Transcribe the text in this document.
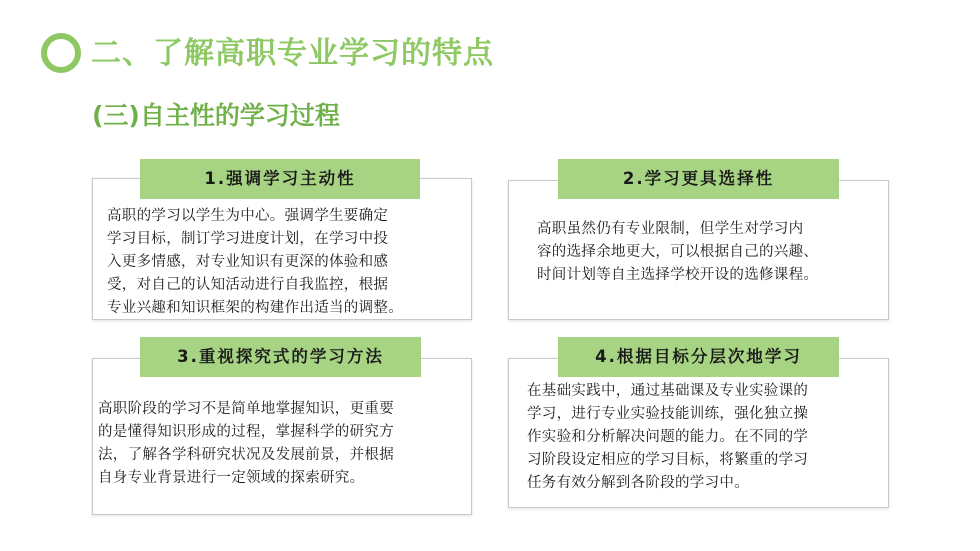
二、了解高职专业学习的特点
(三)自主性的学习过程
高职的学习以学生为中心。强调学生要确定
学习目标，制订学习进度计划，在学习中投
入更多情感，对专业知识有更深的体验和感
受，对自己的认知活动进行自我监控，根据
专业兴趣和知识框架的构建作出适当的调整。
1.强调学习主动性
高职虽然仍有专业限制，但学生对学习内
容的选择余地更大，可以根据自己的兴趣、
时间计划等自主选择学校开设的选修课程。
2.学习更具选择性
高职阶段的学习不是简单地掌握知识，更重要
的是懂得知识形成的过程，掌握科学的研究方
法，了解各学科研究状况及发展前景，并根据
自身专业背景进行一定领域的探索研究。
3.重视探究式的学习方法
在基础实践中，通过基础课及专业实验课的
学习，进行专业实验技能训练，强化独立操
作实验和分析解决问题的能力。在不同的学
习阶段设定相应的学习目标，将繁重的学习
任务有效分解到各阶段的学习中。
4.根据目标分层次地学习
